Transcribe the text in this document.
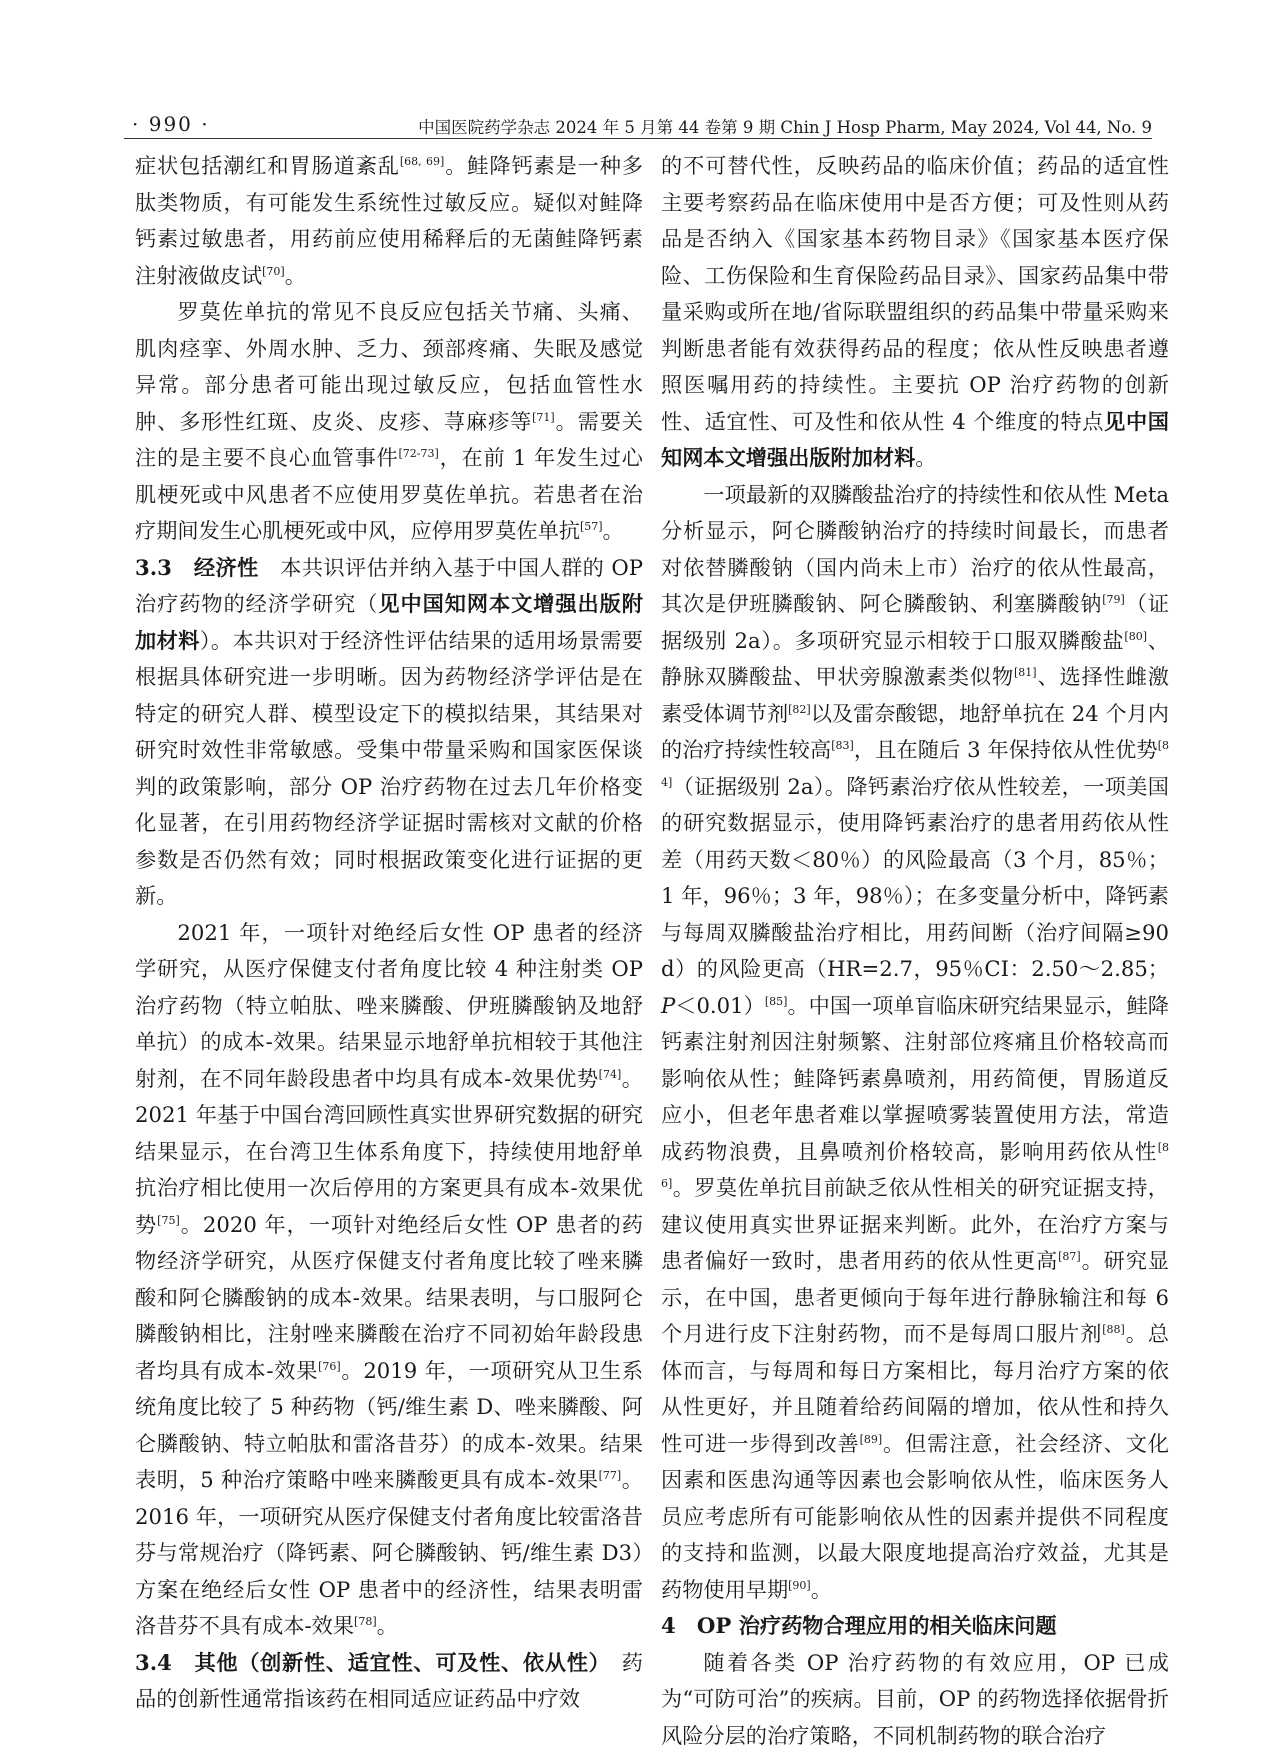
· 990 ·	中国医院药学杂志 2024 年 5 月第 44 卷第 9 期 Chin J Hosp Pharm, May 2024, Vol 44, No. 9

症状包括潮红和胃肠道紊乱[68, 69]。鲑降钙素是一种多肽类物质，有可能发生系统性过敏反应。疑似对鲑降钙素过敏患者，用药前应使用稀释后的无菌鲑降钙素注射液做皮试[70]。

罗莫佐单抗的常见不良反应包括关节痛、头痛、肌肉痉挛、外周水肿、乏力、颈部疼痛、失眠及感觉异常。部分患者可能出现过敏反应，包括血管性水肿、多形性红斑、皮炎、皮疹、荨麻疹等[71]。需要关注的是主要不良心血管事件[72-73]，在前 1 年发生过心肌梗死或中风患者不应使用罗莫佐单抗。若患者在治疗期间发生心肌梗死或中风，应停用罗莫佐单抗[57]。

3.3　经济性　本共识评估并纳入基于中国人群的 OP 治疗药物的经济学研究（见中国知网本文增强出版附加材料）。本共识对于经济性评估结果的适用场景需要根据具体研究进一步明晰。因为药物经济学评估是在特定的研究人群、模型设定下的模拟结果，其结果对研究时效性非常敏感。受集中带量采购和国家医保谈判的政策影响，部分 OP 治疗药物在过去几年价格变化显著，在引用药物经济学证据时需核对文献的价格参数是否仍然有效；同时根据政策变化进行证据的更新。

2021 年，一项针对绝经后女性 OP 患者的经济学研究，从医疗保健支付者角度比较 4 种注射类 OP 治疗药物（特立帕肽、唑来膦酸、伊班膦酸钠及地舒单抗）的成本-效果。结果显示地舒单抗相较于其他注射剂，在不同年龄段患者中均具有成本-效果优势[74]。2021 年基于中国台湾回顾性真实世界研究数据的研究结果显示，在台湾卫生体系角度下，持续使用地舒单抗治疗相比使用一次后停用的方案更具有成本-效果优势[75]。2020 年，一项针对绝经后女性 OP 患者的药物经济学研究，从医疗保健支付者角度比较了唑来膦酸和阿仑膦酸钠的成本-效果。结果表明，与口服阿仑膦酸钠相比，注射唑来膦酸在治疗不同初始年龄段患者均具有成本-效果[76]。2019 年，一项研究从卫生系统角度比较了 5 种药物（钙/维生素 D、唑来膦酸、阿仑膦酸钠、特立帕肽和雷洛昔芬）的成本-效果。结果表明，5 种治疗策略中唑来膦酸更具有成本-效果[77]。2016 年，一项研究从医疗保健支付者角度比较雷洛昔芬与常规治疗（降钙素、阿仑膦酸钠、钙/维生素 D3）方案在绝经后女性 OP 患者中的经济性，结果表明雷洛昔芬不具有成本-效果[78]。

3.4　其他（创新性、适宜性、可及性、依从性）　药品的创新性通常指该药在相同适应证药品中疗效

的不可替代性，反映药品的临床价值；药品的适宜性主要考察药品在临床使用中是否方便；可及性则从药品是否纳入《国家基本药物目录》《国家基本医疗保险、工伤保险和生育保险药品目录》、国家药品集中带量采购或所在地/省际联盟组织的药品集中带量采购来判断患者能有效获得药品的程度；依从性反映患者遵照医嘱用药的持续性。主要抗 OP 治疗药物的创新性、适宜性、可及性和依从性 4 个维度的特点见中国知网本文增强出版附加材料。

一项最新的双膦酸盐治疗的持续性和依从性 Meta 分析显示，阿仑膦酸钠治疗的持续时间最长，而患者对依替膦酸钠（国内尚未上市）治疗的依从性最高，其次是伊班膦酸钠、阿仑膦酸钠、利塞膦酸钠[79]（证据级别 2a）。多项研究显示相较于口服双膦酸盐[80]、静脉双膦酸盐、甲状旁腺激素类似物[81]、选择性雌激素受体调节剂[82]以及雷奈酸锶，地舒单抗在 24 个月内的治疗持续性较高[83]，且在随后 3 年保持依从性优势[84]（证据级别 2a）。降钙素治疗依从性较差，一项美国的研究数据显示，使用降钙素治疗的患者用药依从性差（用药天数＜80％）的风险最高（3 个月，85％；1 年，96％；3 年，98％）；在多变量分析中，降钙素与每周双膦酸盐治疗相比，用药间断（治疗间隔≥90 d）的风险更高（HR=2.7，95％CI：2.50～2.85；P＜0.01）[85]。中国一项单盲临床研究结果显示，鲑降钙素注射剂因注射频繁、注射部位疼痛且价格较高而影响依从性；鲑降钙素鼻喷剂，用药简便，胃肠道反应小，但老年患者难以掌握喷雾装置使用方法，常造成药物浪费，且鼻喷剂价格较高，影响用药依从性[86]。罗莫佐单抗目前缺乏依从性相关的研究证据支持，建议使用真实世界证据来判断。此外，在治疗方案与患者偏好一致时，患者用药的依从性更高[87]。研究显示，在中国，患者更倾向于每年进行静脉输注和每 6 个月进行皮下注射药物，而不是每周口服片剂[88]。总体而言，与每周和每日方案相比，每月治疗方案的依从性更好，并且随着给药间隔的增加，依从性和持久性可进一步得到改善[89]。但需注意，社会经济、文化因素和医患沟通等因素也会影响依从性，临床医务人员应考虑所有可能影响依从性的因素并提供不同程度的支持和监测，以最大限度地提高治疗效益，尤其是药物使用早期[90]。

4　OP 治疗药物合理应用的相关临床问题

随着各类 OP 治疗药物的有效应用，OP 已成为“可防可治”的疾病。目前，OP 的药物选择依据骨折风险分层的治疗策略，不同机制药物的联合治疗
